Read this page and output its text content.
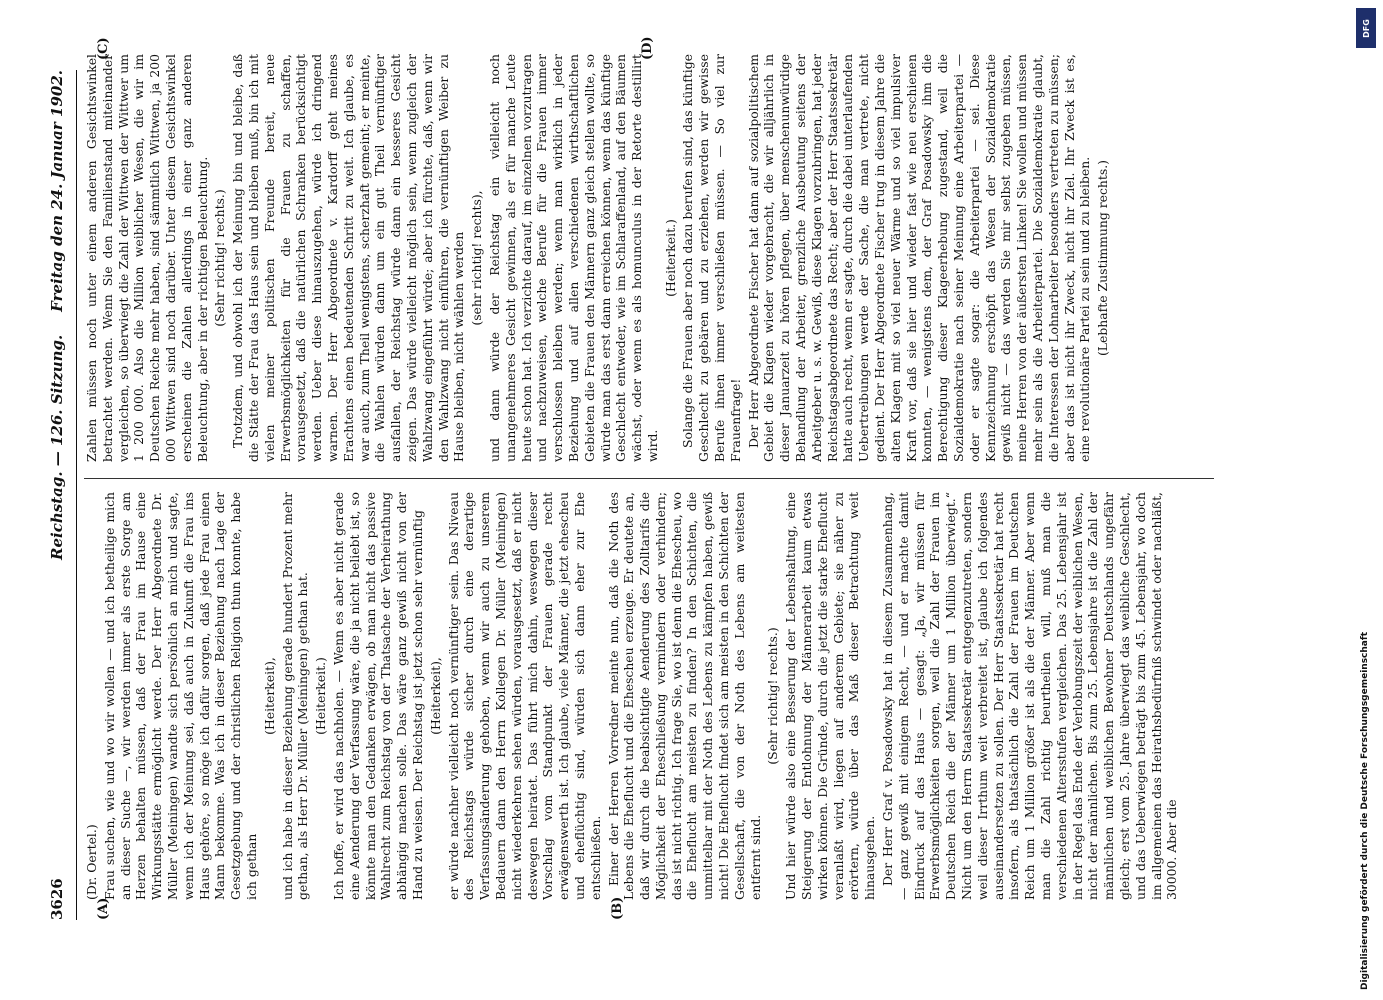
3626
Reichstag. — 126. Sitzung.
Freitag den 24. Januar 1902.
(A)	(B)
(C)	(D)

(Dr. Oertel.) Frau suchen, wie und wo wir wollen — und ich betheilige mich an dieser Suche —, wir werden immer als erste Sorge am Herzen behalten müssen, daß der Frau im Hause eine Wirkungsstätte ermöglicht werde. Der Herr Abgeordnete Dr. Müller (Meiningen) wandte sich persönlich an mich und sagte, wenn ich der Meinung sei, daß auch in Zukunft die Frau ins Haus gehöre, so möge ich dafür sorgen, daß jede Frau einen Mann bekomme. Was ich in dieser Beziehung nach Lage der Gesetzgebung und der christlichen Religion thun konnte, habe ich gethan

(Heiterkeit), und ich habe in dieser Beziehung gerade hundert Prozent mehr gethan, als Herr Dr. Müller (Meiningen) gethan hat. (Heiterkeit.) Ich hoffe, er wird das nachholen. — Wenn es aber nicht gerade eine Aenderung der Verfassung wäre, die ja nicht beliebt ist, so könnte man den Gedanken erwägen, ob man nicht das passive Wahlrecht zum Reichstag von der Thatsache der Verheirathung abhängig machen solle. Das wäre ganz gewiß nicht von der Hand zu weisen. Der Reichstag ist jetzt schon sehr vernünftig (Heiterkeit), er würde nachher vielleicht noch vernünftiger sein. Das Niveau des Reichstags würde sicher durch eine derartige Verfassungsänderung gehoben, wenn wir auch zu unserem Bedauern dann den Herrn Kollegen Dr. Müller (Meiningen) nicht wiederkehren sehen würden, vorausgesetzt, daß er nicht deswegen heiratet. Das führt mich dahin, weswegen dieser Vorschlag vom Standpunkt der Frauen gerade recht erwägenswerth ist. Ich glaube, viele Männer, die jetzt ehescheu und eheflüchtig sind, würden sich dann eher zur Ehe entschließen. Einer der Herren Vorredner meinte nun, daß die Noth des Lebens die Eheflucht und die Ehescheu erzeuge. Er deutete an, daß wir durch die beabsichtigte Aenderung des Zolltarifs die Möglichkeit der Eheschließung vermindern oder verhindern; das ist nicht richtig. Ich frage Sie, wo ist denn die Ehescheu, wo die Eheflucht am meisten zu finden? In den Schichten, die unmittelbar mit der Noth des Lebens zu kämpfen haben, gewiß nicht! Die Eheflucht findet sich am meisten in den Schichten der Gesellschaft, die von der Noth des Lebens am weitesten entfernt sind.

(Sehr richtig! rechts.) Und hier würde also eine Besserung der Lebenshaltung, eine Steigerung der Entlohnung der Männerarbeit kaum etwas wirken können. Die Gründe, durch die jetzt die starke Eheflucht veranlaßt wird, liegen auf anderem Gebiete; sie näher zu erörtern, würde über das Maß dieser Betrachtung weit hinausgehen. Der Herr Graf v. Posadowsky hat in diesem Zusammenhang, — ganz gewiß mit einigem Recht, — und er machte damit Eindruck auf das Haus — gesagt: „Ja, wir müssen für Erwerbsmöglichkeiten sorgen, weil die Zahl der Frauen im Deutschen Reich die der Männer um 1 Million überwiegt.“ Nicht um den Herrn Staatssekretär entgegenzutreten, sondern weil dieser Irrthum weit verbreitet ist, glaube ich folgendes auseinandersetzen zu sollen. Der Herr Staatssekretär hat recht insofern, als thatsächlich die Zahl der Frauen im Deutschen Reich um 1 Million größer ist als die der Männer. Aber wenn man die Zahl richtig beurtheilen will, muß man die verschiedenen Altersstufen vergleichen. Das 25. Lebensjahr ist in der Regel das Ende der Verlobungszeit der weiblichen Wesen, nicht der männlichen. Bis zum 25. Lebensjahre ist die Zahl der männlichen und weiblichen Bewohner Deutschlands ungefähr gleich; erst vom 25. Jahre überwiegt das weibliche Geschlecht, und das Ueberwiegen beträgt bis zum 45. Lebensjahr, wo doch im allgemeinen das Heirathsbedürfniß schwindet oder nachläßt, 30000. Aber die

Zahlen müssen noch unter einem anderen Gesichtswinkel betrachtet werden. Wenn Sie den Familienstand miteinander vergleichen, so überwiegt die Zahl der Wittwen der Wittwer um 1 200 000. Also die Million weiblicher Wesen, die wir im Deutschen Reiche mehr haben, sind sämmtlich Wittwen, ja 200 000 Wittwen sind noch darüber. Unter diesem Gesichtswinkel erscheinen die Zahlen allerdings in einer ganz anderen Beleuchtung, aber in der richtigen Beleuchtung. (Sehr richtig! rechts.) Trotzdem, und obwohl ich der Meinung bin und bleibe, daß die Stätte der Frau das Haus sein und bleiben muß, bin ich mit vielen meiner politischen Freunde bereit, neue Erwerbsmöglichkeiten für die Frauen zu schaffen, vorausgesetzt, daß die natürlichen Schranken berücksichtigt werden. Ueber diese hinauszugehen, würde ich dringend warnen. Der Herr Abgeordnete v. Kardorff geht meines Erachtens einen bedeutenden Schritt zu weit. Ich glaube, es war auch, zum Theil wenigstens, scherzhaft gemeint; er meinte, die Wahlen würden dann um ein gut Theil vernünftiger ausfallen, der Reichstag würde dann ein besseres Gesicht zeigen. Das würde vielleicht möglich sein, wenn zugleich der Wahlzwang eingeführt würde; aber ich fürchte, daß, wenn wir den Wahlzwang nicht einführen, die vernünftigen Weiber zu Hause bleiben, nicht wählen werden (sehr richtig! rechts), und dann würde der Reichstag ein vielleicht noch unangenehmeres Gesicht gewinnen, als er für manche Leute heute schon hat. Ich verzichte darauf, im einzelnen vorzutragen und nachzuweisen, welche Berufe für die Frauen immer verschlossen bleiben werden; wenn man wirklich in jeder Beziehung und auf allen verschiedenen wirthschaftlichen Gebieten die Frauen den Männern ganz gleich stellen wollte, so würde man das erst dann erreichen können, wenn das künftige Geschlecht entweder, wie im Schlaraffenland, auf den Bäumen wächst, oder wenn es als homunculus in der Retorte destillirt wird.

(Heiterkeit.) Solange die Frauen aber noch dazu berufen sind, das künftige Geschlecht zu gebären und zu erziehen, werden wir gewisse Berufe ihnen immer verschließen müssen. — So viel zur Frauenfrage! Der Herr Abgeordnete Fischer hat dann auf sozialpolitischem Gebiet die Klagen wieder vorgebracht, die wir alljährlich in dieser Januarzeit zu hören pflegen, über menschenunwürdige Behandlung der Arbeiter, grenzliche Ausbeutung seitens der Arbeitgeber u. s. w. Gewiß, diese Klagen vorzubringen, hat jeder Reichstagsabgeordnete das Recht; aber der Herr Staatssekretär hatte auch recht, wenn er sagte, durch die dabei unterlaufenden Uebertreibungen werde der Sache, die man vertrete, nicht gedient. Der Herr Abgeordnete Fischer trug in diesem Jahre die alten Klagen mit so viel neuer Wärme und so viel impulsiver Kraft vor, daß sie hier und wieder fast wie neu erschienen konnten, — wenigstens dem, der Graf Posadowsky ihm die Berechtigung dieser Klageerhebung zugestand, weil die Sozialdemokratie nach seiner Meinung eine Arbeiterpartei — oder er sagte sogar: die Arbeiterpartei — sei. Diese Kennzeichnung erschöpft das Wesen der Sozialdemokratie gewiß nicht — das werden Sie mir selbst zugeben müssen, meine Herren von der äußersten Linken! Sie wollen und müssen mehr sein als die Arbeiterpartei. Die Sozialdemokratie glaubt, die Interessen der Lohnarbeiter besonders vertreten zu müssen; aber das ist nicht ihr Zweck, nicht ihr Ziel. Ihr Zweck ist es, eine revolutionäre Partei zu sein und zu bleiben. (Lebhafte Zustimmung rechts.)

DFG
Digitalisierung gefördert durch die Deutsche Forschungsgemeinschaft
